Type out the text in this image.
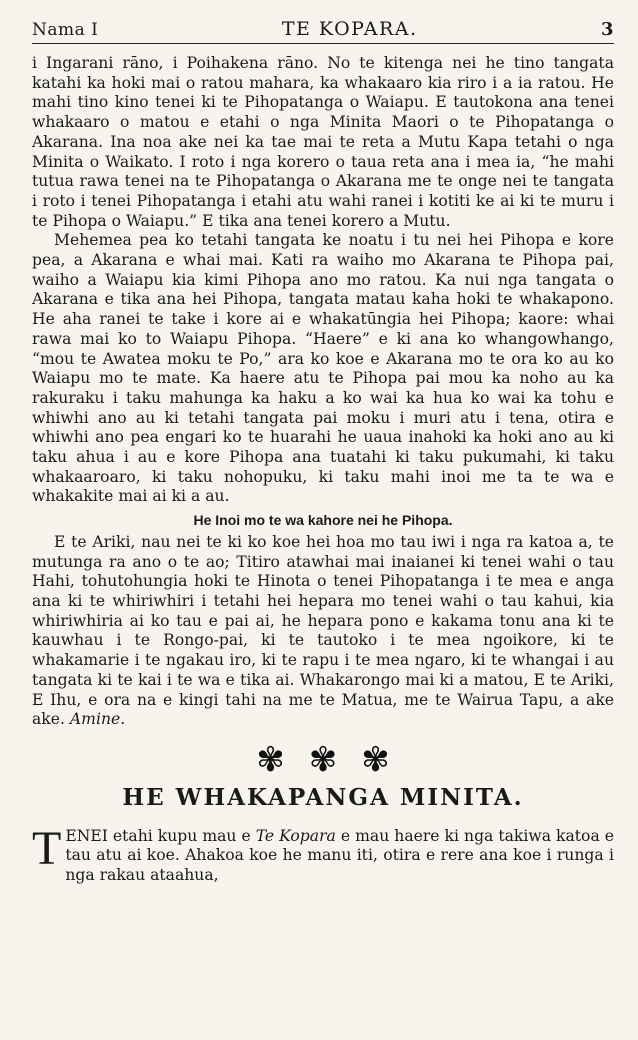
Nama I	TE KOPARA.	3

i Ingarani rāno, i Poihakena rāno. No te kitenga nei he tino tangata katahi ka hoki mai o ratou mahara, ka whakaaro kia riro i a ia ratou. He mahi tino kino tenei ki te Pihopatanga o Waiapu. E tautokona ana tenei whakaaro o matou e etahi o nga Minita Maori o te Pihopatanga o Akarana. Ina noa ake nei ka tae mai te reta a Mutu Kapa tetahi o nga Minita o Waikato. I roto i nga korero o taua reta ana i mea ia, “he mahi tutua rawa tenei na te Pihopatanga o Akarana me te onge nei te tangata i roto i tenei Pihopatanga i etahi atu wahi ranei i kotiti ke ai ki te muru i te Pihopa o Waiapu.” E tika ana tenei korero a Mutu.

Mehemea pea ko tetahi tangata ke noatu i tu nei hei Pihopa e kore pea, a Akarana e whai mai. Kati ra waiho mo Akarana te Pihopa pai, waiho a Waiapu kia kimi Pihopa ano mo ratou. Ka nui nga tangata o Akarana e tika ana hei Pihopa, tangata matau kaha hoki te whakapono. He aha ranei te take i kore ai e whakatūngia hei Pihopa; kaore: whai rawa mai ko to Waiapu Pihopa. “Haere” e ki ana ko whangowhango, “mou te Awatea moku te Po,” ara ko koe e Akarana mo te ora ko au ko Waiapu mo te mate. Ka haere atu te Pihopa pai mou ka noho au ka rakuraku i taku mahunga ka haku a ko wai ka hua ko wai ka tohu e whiwhi ano au ki tetahi tangata pai moku i muri atu i tena, otira e whiwhi ano pea engari ko te huarahi he uaua inahoki ka hoki ano au ki taku ahua i au e kore Pihopa ana tuatahi ki taku pukumahi, ki taku whakaaroaro, ki taku nohopuku, ki taku mahi inoi me ta te wa e whakakite mai ai ki a au.

He Inoi mo te wa kahore nei he Pihopa.

E te Ariki, nau nei te ki ko koe hei hoa mo tau iwi i nga ra katoa a, te mutunga ra ano o te ao; Titiro atawhai mai inaianei ki tenei wahi o tau Hahi, tohutohungia hoki te Hinota o tenei Pihopatanga i te mea e anga ana ki te whiriwhiri i tetahi hei hepara mo tenei wahi o tau kahui, kia whiriwhiria ai ko tau e pai ai, he hepara pono e kakama tonu ana ki te kauwhau i te Rongo-pai, ki te tautoko i te mea ngoikore, ki te whakamarie i te ngakau iro, ki te rapu i te mea ngaro, ki te whangai i au tangata ki te kai i te wa e tika ai. Whakarongo mai ki a matou, E te Ariki, E Ihu, e ora na e kingi tahi na me te Matua, me te Wairua Tapu, a ake ake. Amine.

✾ ✾ ✾
HE WHAKAPANGA MINITA.

TENEI etahi kupu mau e Te Kopara e mau haere ki nga takiwa katoa e tau atu ai koe. Ahakoa koe he manu iti, otira e rere ana koe i runga i nga rakau ataahua,
